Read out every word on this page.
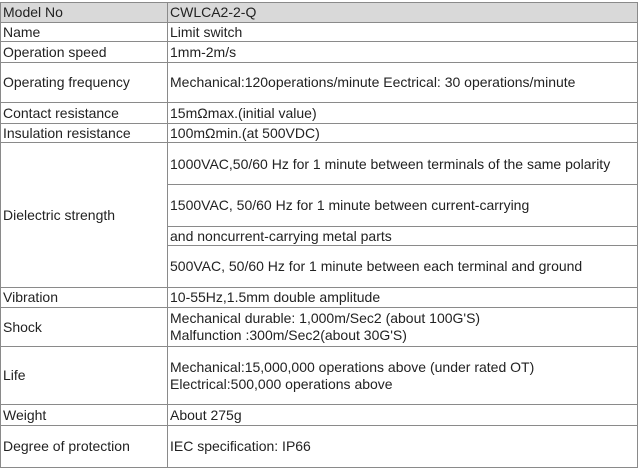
Model No	CWLCA2-2-Q
Name	Limit switch
Operation speed	1mm-2m/s
Operating frequency	Mechanical:120operations/minute Eectrical: 30 operations/minute
Contact resistance	15mΩmax.(initial value)
Insulation resistance	100mΩmin.(at 500VDC)
Dielectric strength	1000VAC,50/60 Hz for 1 minute between terminals of the same polarity

	1500VAC, 50/60 Hz for 1 minute between current-carrying
	and noncurrent-carrying metal parts
	500VAC, 50/60 Hz for 1 minute between each terminal and ground
Vibration	10-55Hz,1.5mm double amplitude
Shock	Mechanical durable: 1,000m/Sec2 (about 100G'S)
Malfunction :300m/Sec2(about 30G'S)

Life	Mechanical:15,000,000 operations above (under rated OT)
Electrical:500,000 operations above

Weight	About 275g
Degree of protection	IEC specification: IP66
